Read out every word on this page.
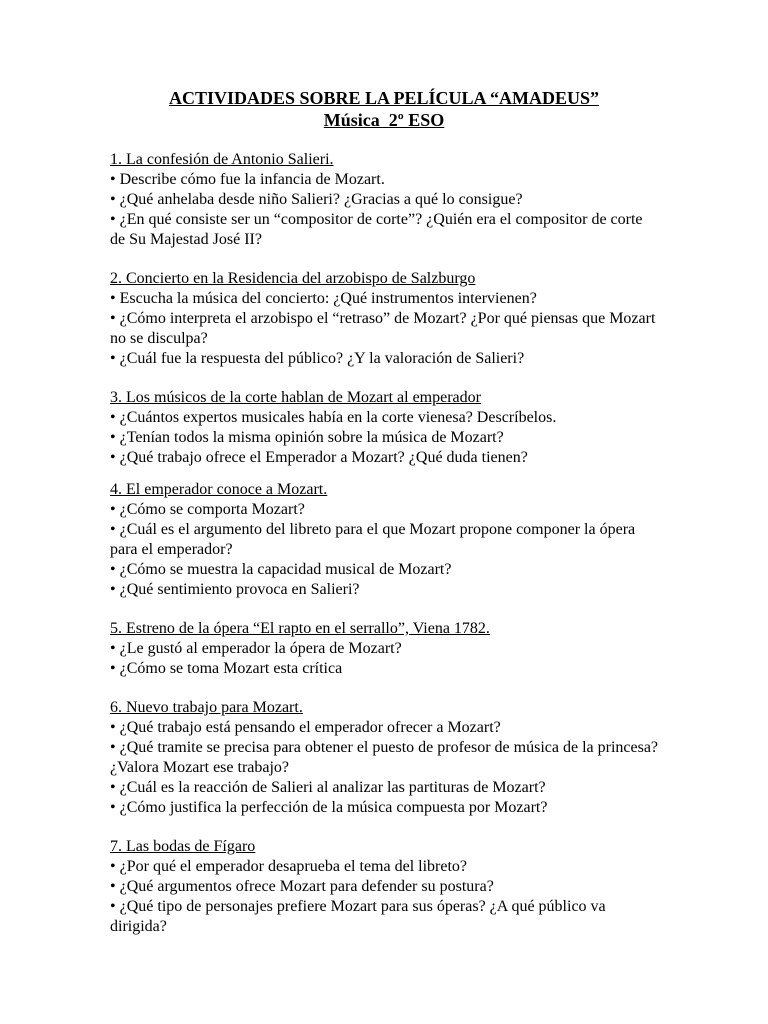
ACTIVIDADES SOBRE LA PELÍCULA “AMADEUS”

Música  2º ESO

1. La confesión de Antonio Salieri.

• Describe cómo fue la infancia de Mozart.

• ¿Qué anhelaba desde niño Salieri? ¿Gracias a qué lo consigue?

• ¿En qué consiste ser un “compositor de corte”? ¿Quién era el compositor de corte de Su Majestad José II?

2. Concierto en la Residencia del arzobispo de Salzburgo

• Escucha la música del concierto: ¿Qué instrumentos intervienen?

• ¿Cómo interpreta el arzobispo el “retraso” de Mozart? ¿Por qué piensas que Mozart no se disculpa?

• ¿Cuál fue la respuesta del público? ¿Y la valoración de Salieri?

3. Los músicos de la corte hablan de Mozart al emperador

• ¿Cuántos expertos musicales había en la corte vienesa? Descríbelos.

• ¿Tenían todos la misma opinión sobre la música de Mozart?

• ¿Qué trabajo ofrece el Emperador a Mozart? ¿Qué duda tienen?

4. El emperador conoce a Mozart.

• ¿Cómo se comporta Mozart?

• ¿Cuál es el argumento del libreto para el que Mozart propone componer la ópera para el emperador?

• ¿Cómo se muestra la capacidad musical de Mozart?

• ¿Qué sentimiento provoca en Salieri?

5. Estreno de la ópera “El rapto en el serrallo”, Viena 1782.

• ¿Le gustó al emperador la ópera de Mozart?

• ¿Cómo se toma Mozart esta crítica

6. Nuevo trabajo para Mozart.

• ¿Qué trabajo está pensando el emperador ofrecer a Mozart?

• ¿Qué tramite se precisa para obtener el puesto de profesor de música de la princesa? ¿Valora Mozart ese trabajo?

• ¿Cuál es la reacción de Salieri al analizar las partituras de Mozart?

• ¿Cómo justifica la perfección de la música compuesta por Mozart?

7. Las bodas de Fígaro

• ¿Por qué el emperador desaprueba el tema del libreto?

• ¿Qué argumentos ofrece Mozart para defender su postura?

• ¿Qué tipo de personajes prefiere Mozart para sus óperas? ¿A qué público va dirigida?
